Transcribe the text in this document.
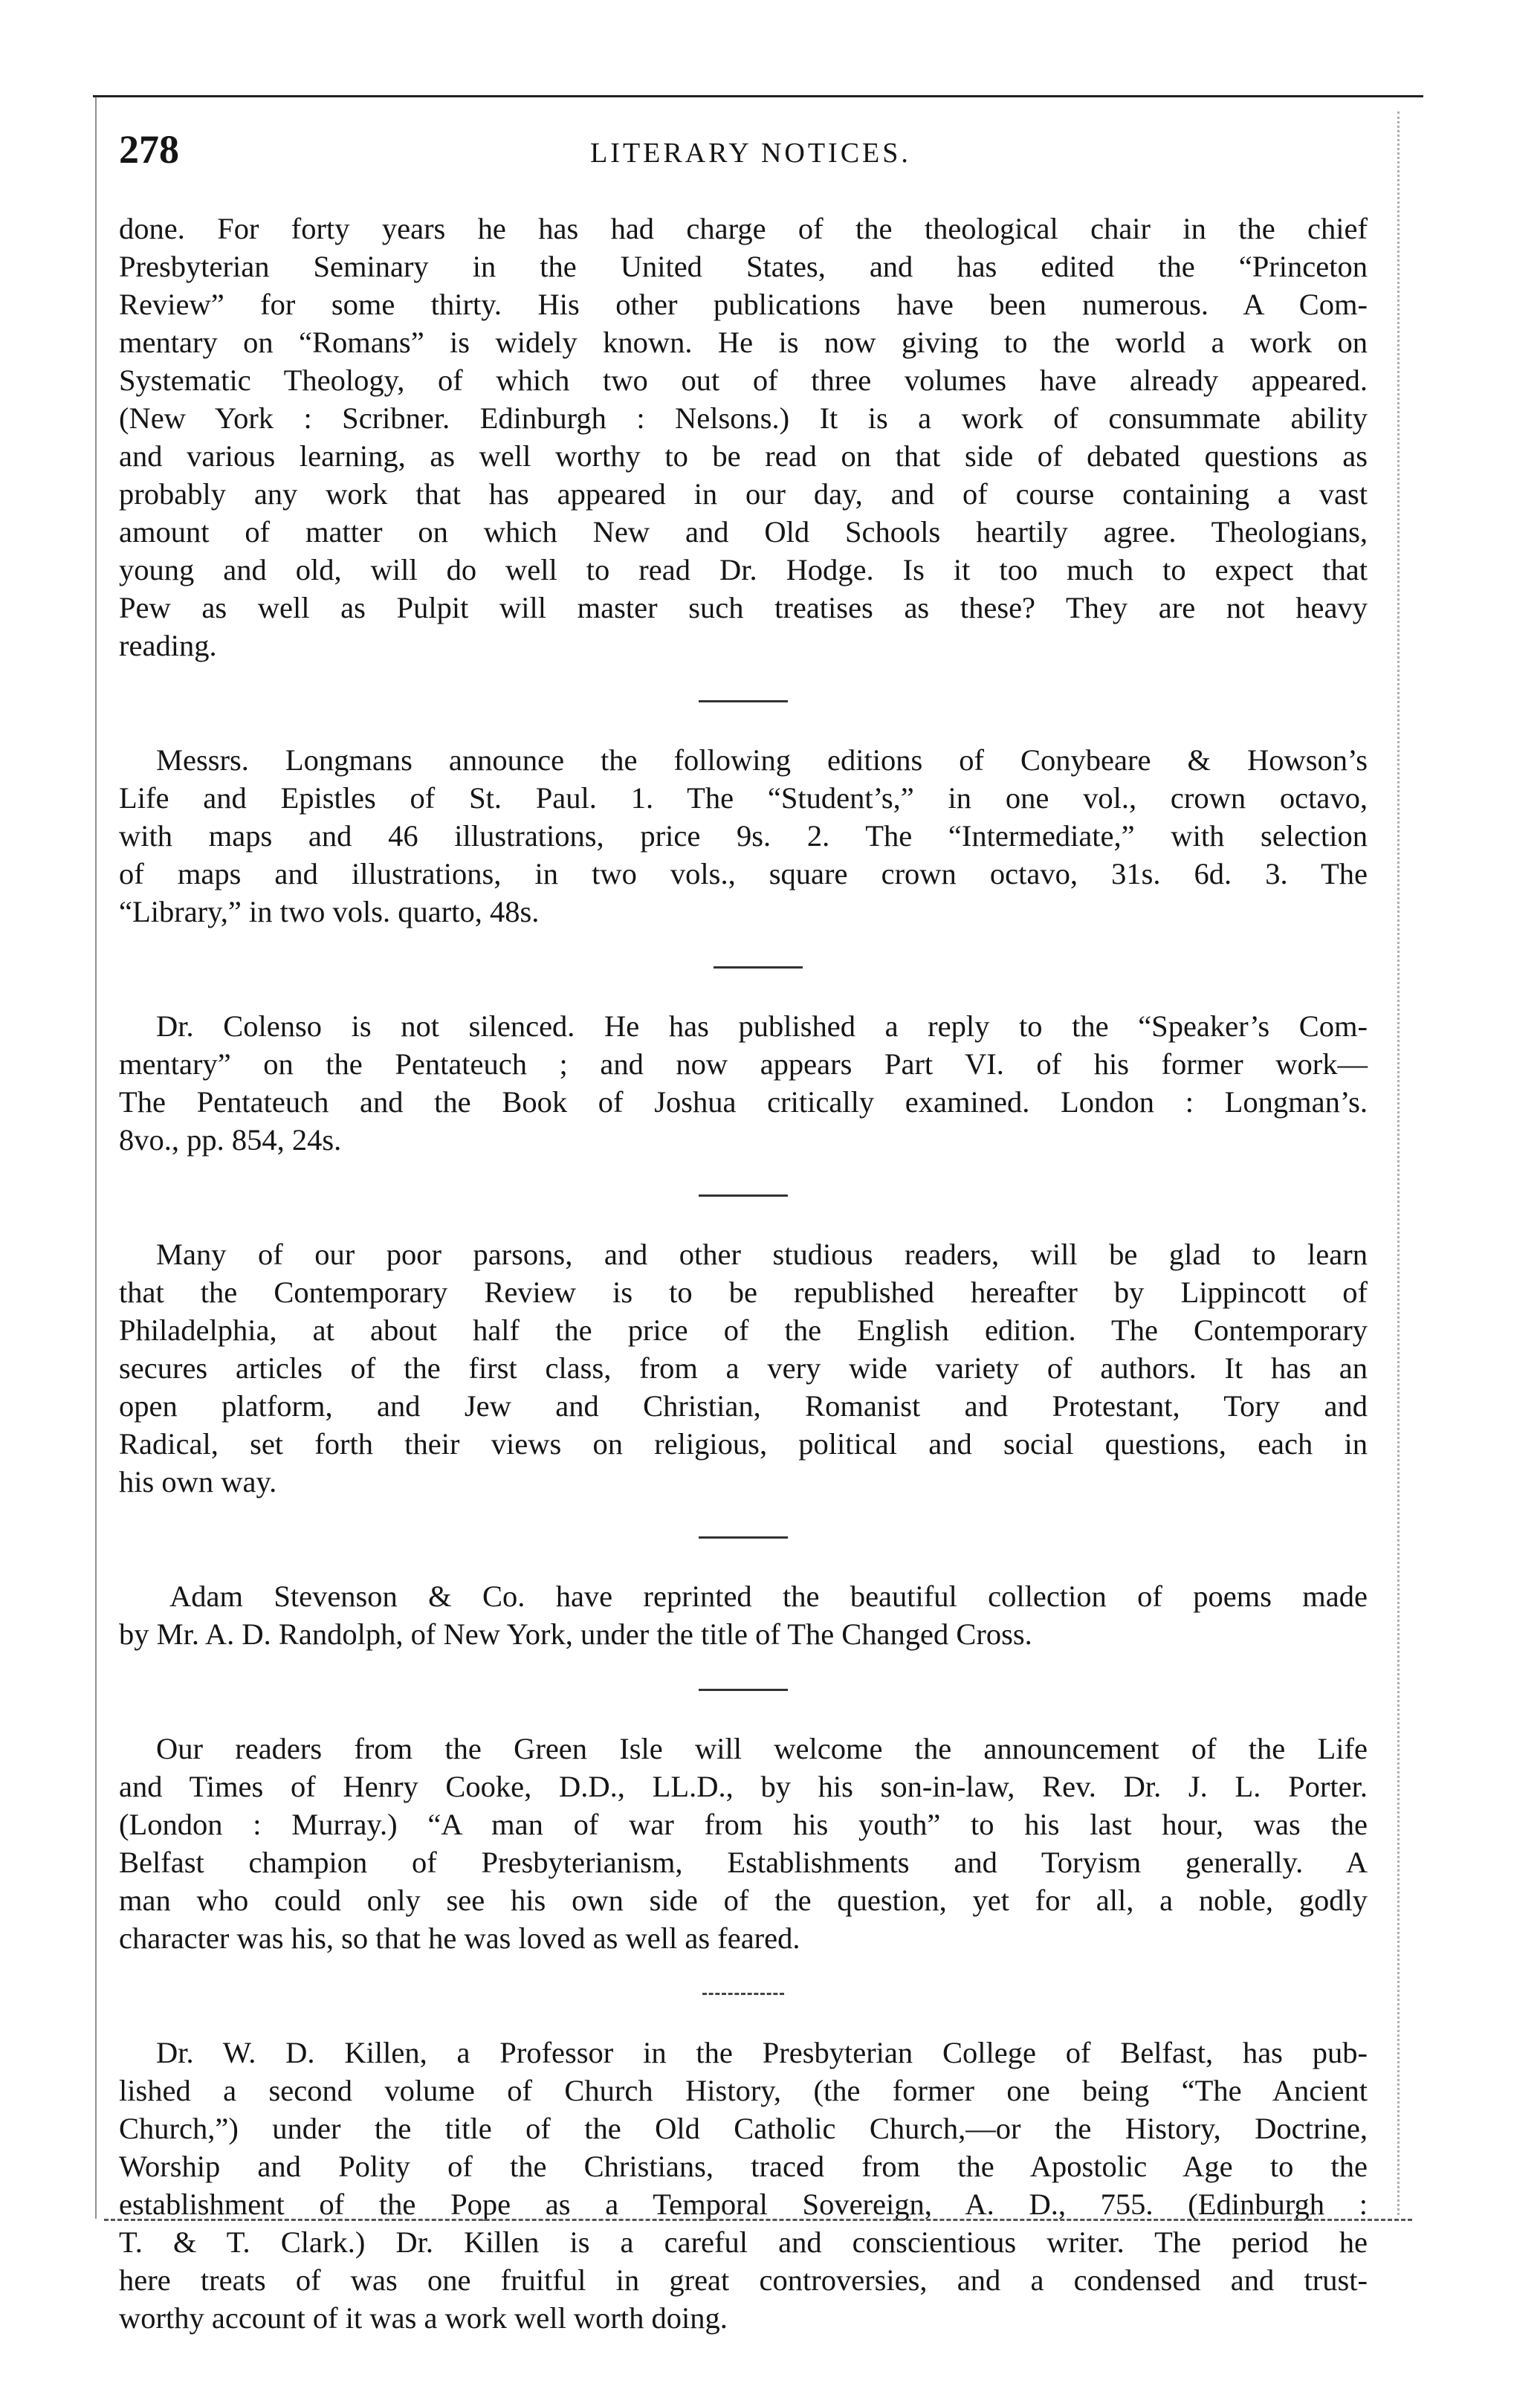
278	LITERARY NOTICES.
done. For forty years he has had charge of the theological chair in the chief
Presbyterian Seminary in the United States, and has edited the “Princeton
Review” for some thirty. His other publications have been numerous. A Com-
mentary on “Romans” is widely known. He is now giving to the world a work on
Systematic Theology, of which two out of three volumes have already appeared.
(New York : Scribner. Edinburgh : Nelsons.) It is a work of consummate ability
and various learning, as well worthy to be read on that side of debated questions as
probably any work that has appeared in our day, and of course containing a vast
amount of matter on which New and Old Schools heartily agree. Theologians,
young and old, will do well to read Dr. Hodge. Is it too much to expect that
Pew as well as Pulpit will master such treatises as these? They are not heavy
reading.
Messrs. Longmans announce the following editions of Conybeare & Howson’s
Life and Epistles of St. Paul. 1. The “Student’s,” in one vol., crown octavo,
with maps and 46 illustrations, price 9s. 2. The “Intermediate,” with selection
of maps and illustrations, in two vols., square crown octavo, 31s. 6d. 3. The
“Library,” in two vols. quarto, 48s.
Dr. Colenso is not silenced. He has published a reply to the “Speaker’s Com-
mentary” on the Pentateuch ; and now appears Part VI. of his former work—
The Pentateuch and the Book of Joshua critically examined. London : Longman’s.
8vo., pp. 854, 24s.
Many of our poor parsons, and other studious readers, will be glad to learn
that the Contemporary Review is to be republished hereafter by Lippincott of
Philadelphia, at about half the price of the English edition. The Contemporary
secures articles of the first class, from a very wide variety of authors. It has an
open platform, and Jew and Christian, Romanist and Protestant, Tory and
Radical, set forth their views on religious, political and social questions, each in
his own way.
Adam Stevenson & Co. have reprinted the beautiful collection of poems made
by Mr. A. D. Randolph, of New York, under the title of The Changed Cross.
Our readers from the Green Isle will welcome the announcement of the Life
and Times of Henry Cooke, D.D., LL.D., by his son-in-law, Rev. Dr. J. L. Porter.
(London : Murray.) “A man of war from his youth” to his last hour, was the
Belfast champion of Presbyterianism, Establishments and Toryism generally. A
man who could only see his own side of the question, yet for all, a noble, godly
character was his, so that he was loved as well as feared.
Dr. W. D. Killen, a Professor in the Presbyterian College of Belfast, has pub-
lished a second volume of Church History, (the former one being “The Ancient
Church,”) under the title of the Old Catholic Church,—or the History, Doctrine,
Worship and Polity of the Christians, traced from the Apostolic Age to the
establishment of the Pope as a Temporal Sovereign, A. D., 755. (Edinburgh :
T. & T. Clark.) Dr. Killen is a careful and conscientious writer. The period he
here treats of was one fruitful in great controversies, and a condensed and trust-
worthy account of it was a work well worth doing.
